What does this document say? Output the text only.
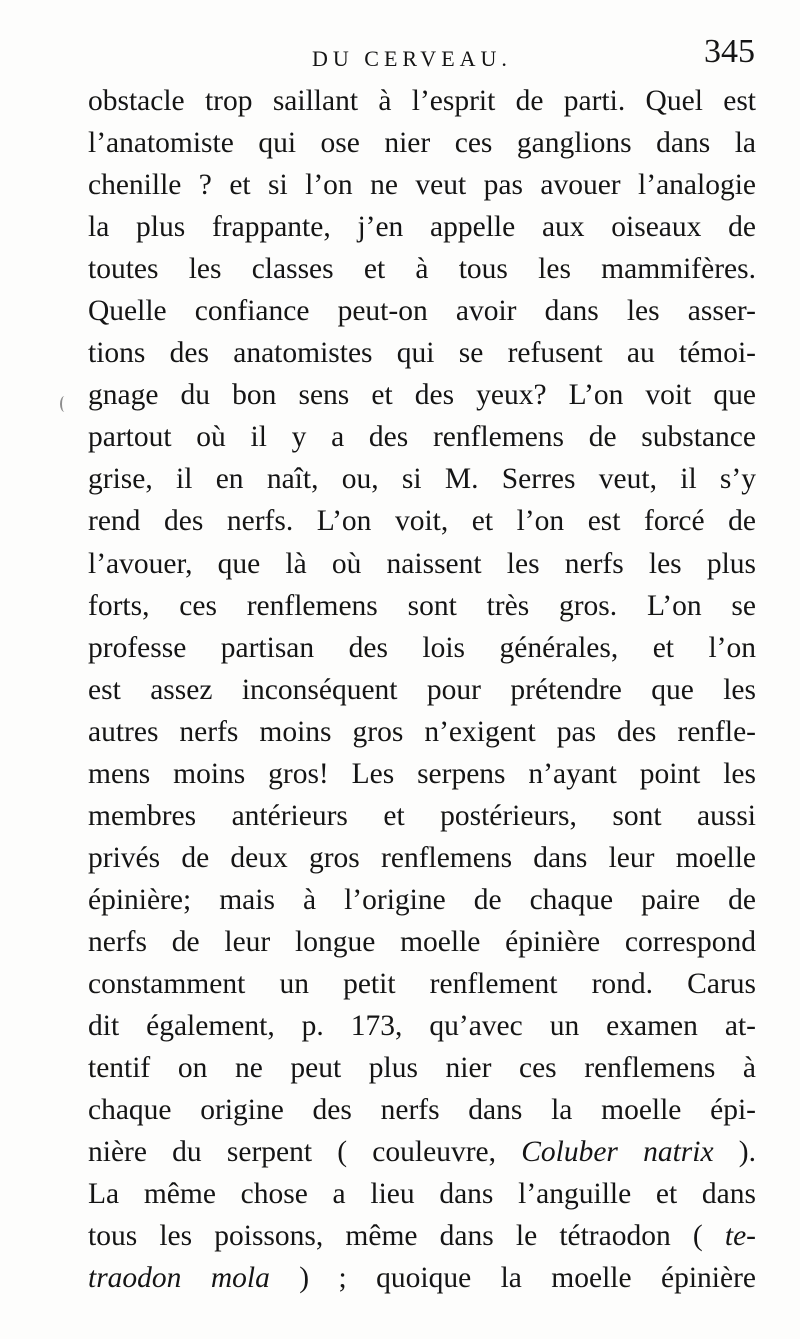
DU CERVEAU.	345
obstacle trop saillant à l’esprit de parti. Quel est
l’anatomiste qui ose nier ces ganglions dans la
chenille ? et si l’on ne veut pas avouer l’analogie
la plus frappante, j’en appelle aux oiseaux de
toutes les classes et à tous les mammifères.
Quelle confiance peut-on avoir dans les asser-
tions des anatomistes qui se refusent au témoi-
gnage du bon sens et des yeux? L’on voit que
partout où il y a des renflemens de substance
grise, il en naît, ou, si M. Serres veut, il s’y
rend des nerfs. L’on voit, et l’on est forcé de
l’avouer, que là où naissent les nerfs les plus
forts, ces renflemens sont très gros. L’on se
professe partisan des lois générales, et l’on
est assez inconséquent pour prétendre que les
autres nerfs moins gros n’exigent pas des renfle-
mens moins gros! Les serpens n’ayant point les
membres antérieurs et postérieurs, sont aussi
privés de deux gros renflemens dans leur moelle
épinière; mais à l’origine de chaque paire de
nerfs de leur longue moelle épinière correspond
constamment un petit renflement rond. Carus
dit également, p. 173, qu’avec un examen at-
tentif on ne peut plus nier ces renflemens à
chaque origine des nerfs dans la moelle épi-
nière du serpent ( couleuvre, Coluber natrix ).
La même chose a lieu dans l’anguille et dans
tous les poissons, même dans le tétraodon ( te-
traodon mola ) ; quoique la moelle épinière
